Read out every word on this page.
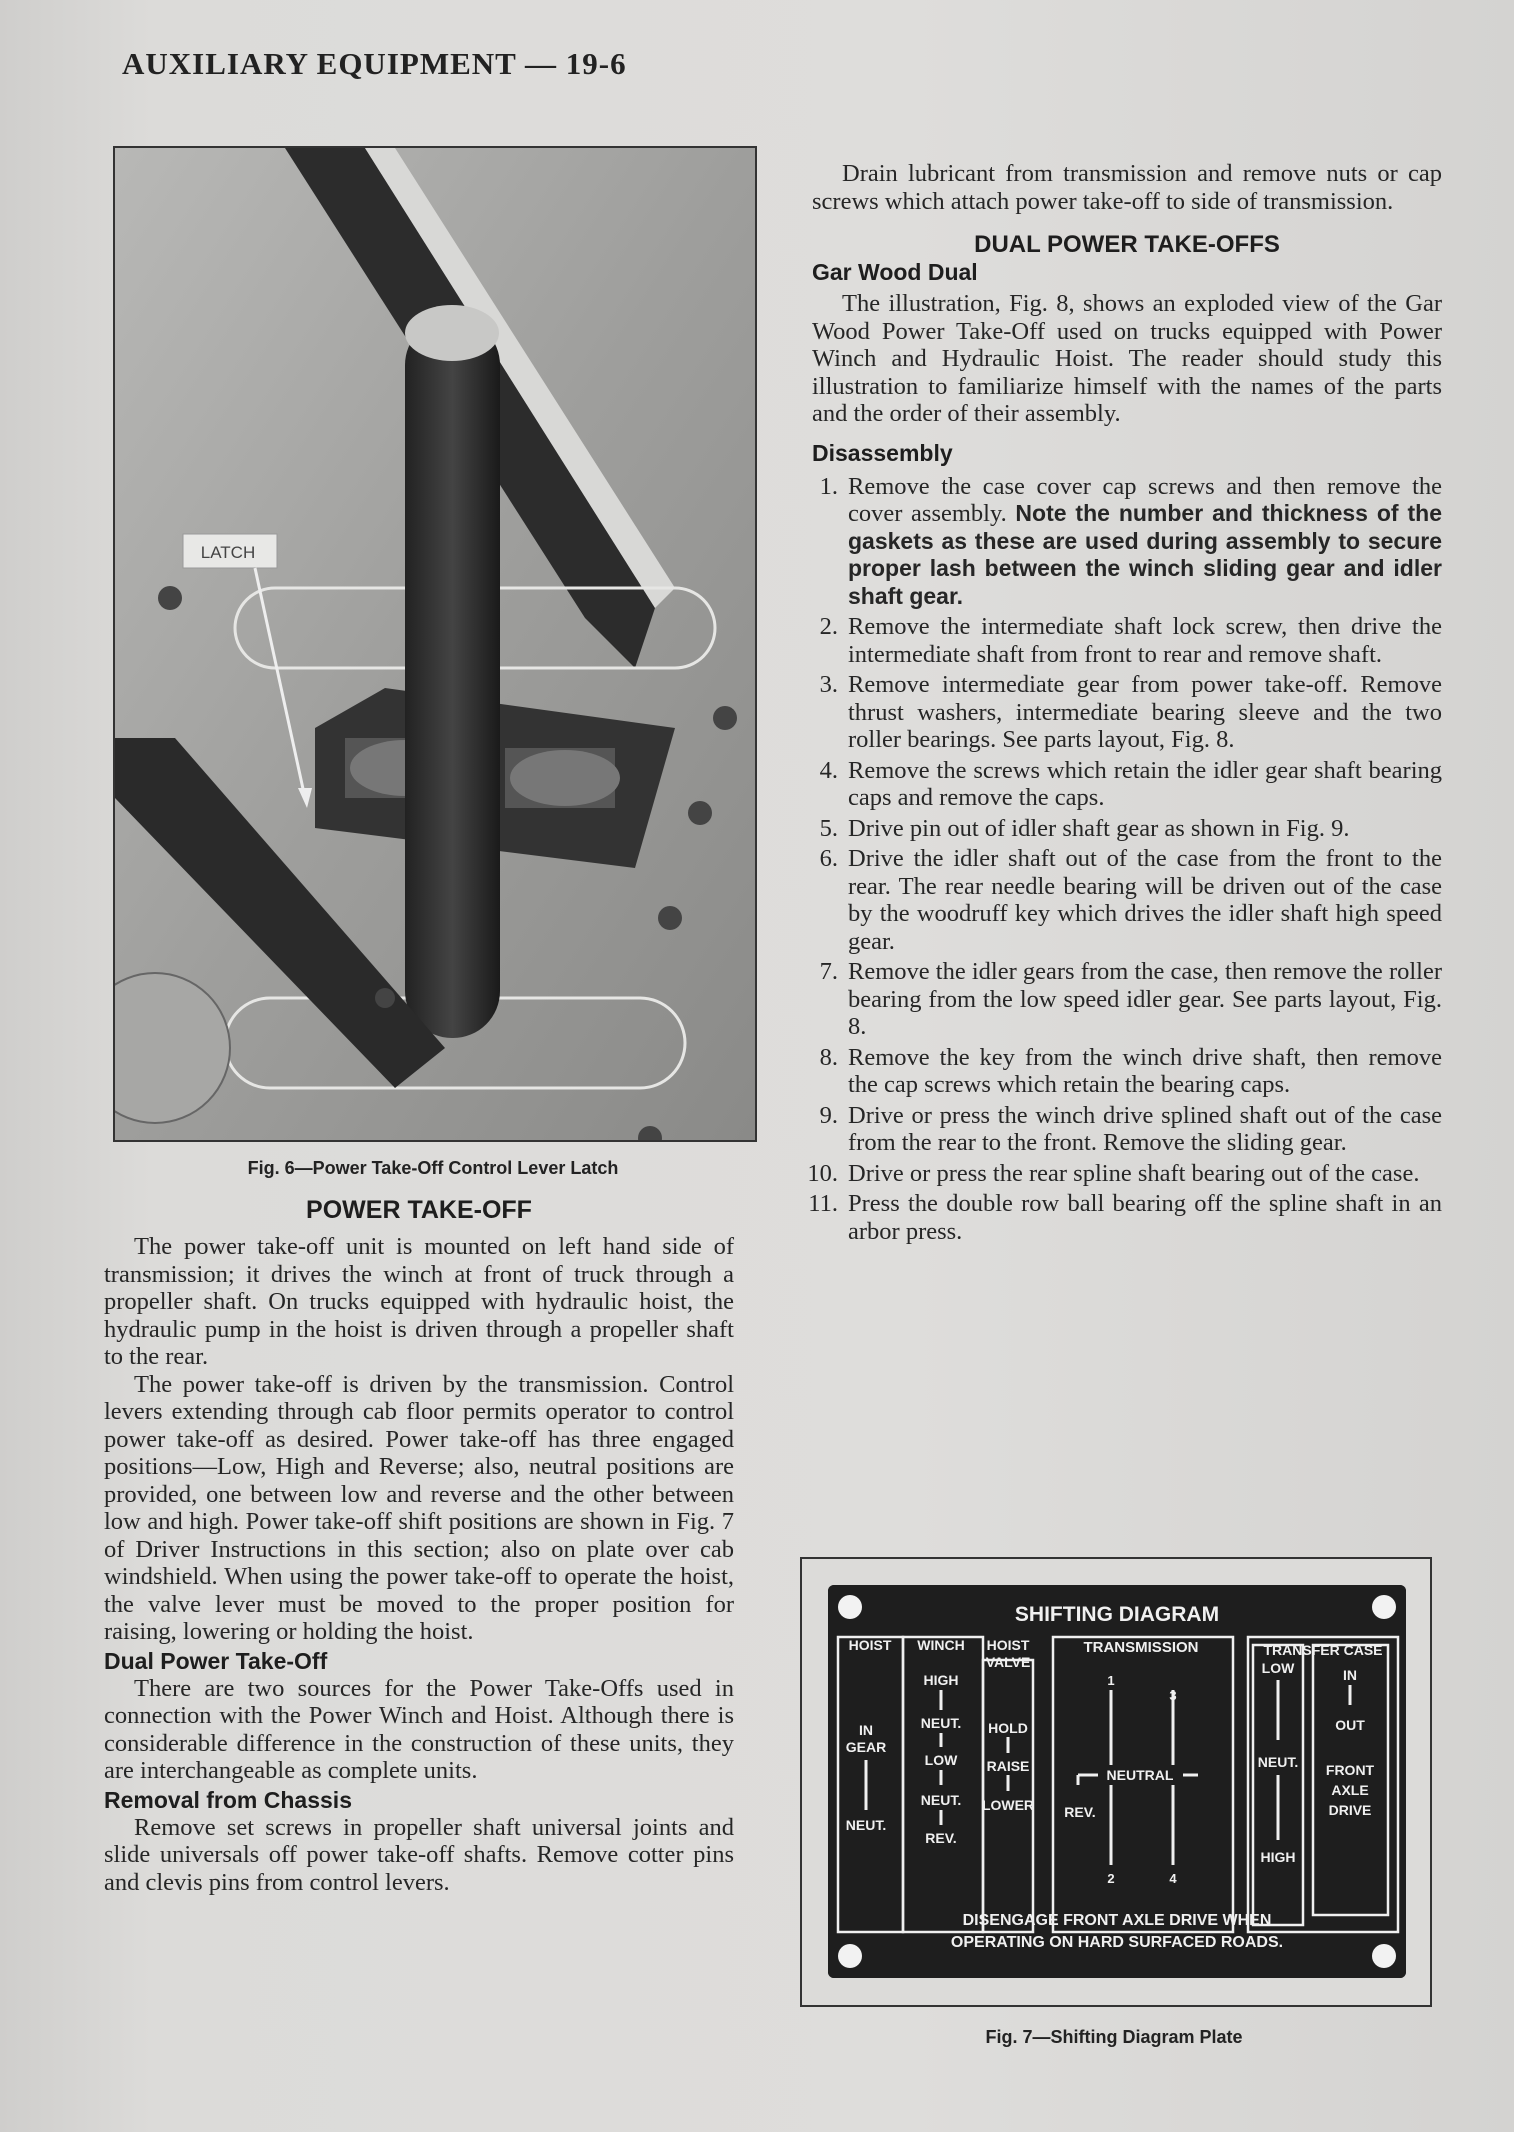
AUXILIARY EQUIPMENT — 19-6
LATCH
Fig. 6—Power Take-Off Control Lever Latch
POWER TAKE-OFF

The power take-off unit is mounted on left hand side of transmission; it drives the winch at front of truck through a propeller shaft. On trucks equipped with hydraulic hoist, the hydraulic pump in the hoist is driven through a propeller shaft to the rear.

The power take-off is driven by the transmission. Control levers extending through cab floor permits operator to control power take-off as desired. Power take-off has three engaged positions—Low, High and Reverse; also, neutral positions are provided, one between low and reverse and the other between low and high. Power take-off shift positions are shown in Fig. 7 of Driver Instructions in this section; also on plate over cab windshield. When using the power take-off to operate the hoist, the valve lever must be moved to the proper position for raising, lowering or holding the hoist.

Dual Power Take-Off

There are two sources for the Power Take-Offs used in connection with the Power Winch and Hoist. Although there is considerable difference in the construction of these units, they are interchangeable as complete units.

Removal from Chassis

Remove set screws in propeller shaft universal joints and slide universals off power take-off shafts. Remove cotter pins and clevis pins from control levers.

Drain lubricant from transmission and remove nuts or cap screws which attach power take-off to side of transmission.

DUAL POWER TAKE-OFFS
Gar Wood Dual

The illustration, Fig. 8, shows an exploded view of the Gar Wood Power Take-Off used on trucks equipped with Power Winch and Hydraulic Hoist. The reader should study this illustration to familiarize himself with the names of the parts and the order of their assembly.

Disassembly
1. Remove the case cover cap screws and then remove the cover assembly. Note the number and thickness of the gaskets as these are used during assembly to secure proper lash between the winch sliding gear and idler shaft gear.
2. Remove the intermediate shaft lock screw, then drive the intermediate shaft from front to rear and remove shaft.
3. Remove intermediate gear from power take-off. Remove thrust washers, intermediate bearing sleeve and the two roller bearings. See parts layout, Fig. 8.
4. Remove the screws which retain the idler gear shaft bearing caps and remove the caps.
5. Drive pin out of idler shaft gear as shown in Fig. 9.
6. Drive the idler shaft out of the case from the front to the rear. The rear needle bearing will be driven out of the case by the woodruff key which drives the idler shaft high speed gear.
7. Remove the idler gears from the case, then remove the roller bearing from the low speed idler gear. See parts layout, Fig. 8.
8. Remove the key from the winch drive shaft, then remove the cap screws which retain the bearing caps.
9. Drive or press the winch drive splined shaft out of the case from the rear to the front. Remove the sliding gear.
10. Drive or press the rear spline shaft bearing out of the case.
11. Press the double row ball bearing off the spline shaft in an arbor press.
SHIFTING DIAGRAM
HOIST WINCH HOIST
VALVE
TRANSMISSION	TRANSFER CASE
IN
GEAR
NEUT.
HIGH
NEUT.
LOW
NEUT.
REV.
HOLD
RAISE
LOWER
1
2
3
4
NEUTRAL
REV.
LOW
NEUT.
HIGH
IN
OUT
FRONT
AXLE
DRIVE
DISENGAGE FRONT AXLE DRIVE WHEN
OPERATING ON HARD SURFACED ROADS.
Fig. 7—Shifting Diagram Plate
